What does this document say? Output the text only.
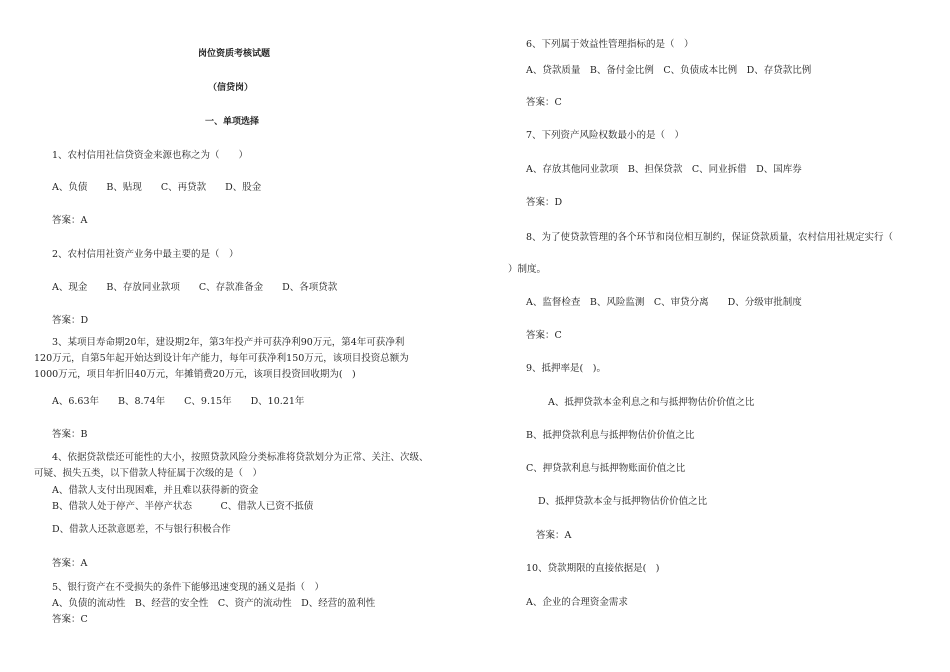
岗位资质考核试题
（信贷岗）
一、单项选择
1、农村信用社信贷资金来源也称之为（　　）
A、负债　　B、贴现　　C、再贷款　　D、股金
答案：A
2、农村信用社资产业务中最主要的是（　）
A、现金　　B、存放同业款项　　C、存款准备金　　D、各项贷款
答案：D
3、某项目寿命期20年，建设期2年，第3年投产并可获净利90万元，第4年可获净利
120万元，自第5年起开始达到设计年产能力，每年可获净利150万元，该项目投资总额为
1000万元，项目年折旧40万元，年摊销费20万元，该项目投资回收期为(　)
A、6.63年　　B、8.74年　　C、9.15年　　D、10.21年
答案：B
4、依据贷款偿还可能性的大小，按照贷款风险分类标准将贷款划分为正常、关注、次级、
可疑、损失五类，以下借款人特征属于次级的是（　）
A、借款人支付出现困难，并且难以获得新的资金
B、借款人处于停产、半停产状态　　　C、借款人已资不抵债
D、借款人还款意愿差，不与银行积极合作
答案：A
5、银行资产在不受损失的条件下能够迅速变现的涵义是指（　）
A、负债的流动性　B、经营的安全性　C、资产的流动性　D、经营的盈利性
答案：C
6、下列属于效益性管理指标的是（　）
A、贷款质量　B、备付金比例　C、负债成本比例　D、存贷款比例
答案：C
7、下列资产风险权数最小的是（　）
A、存放其他同业款项　B、担保贷款　C、同业拆借　D、国库券
答案：D
8、为了使贷款管理的各个环节和岗位相互制约，保证贷款质量，农村信用社规定实行（
）制度。
A、监督检查　B、风险监测　C、审贷分离　　D、分级审批制度
答案：C
9、抵押率是(　)。
A、抵押贷款本金利息之和与抵押物估价价值之比
B、抵押贷款利息与抵押物估价价值之比
C、押贷款利息与抵押物账面价值之比
D、抵押贷款本金与抵押物估价价值之比
答案：A
10、贷款期限的直接依据是(　)
A、企业的合理资金需求
